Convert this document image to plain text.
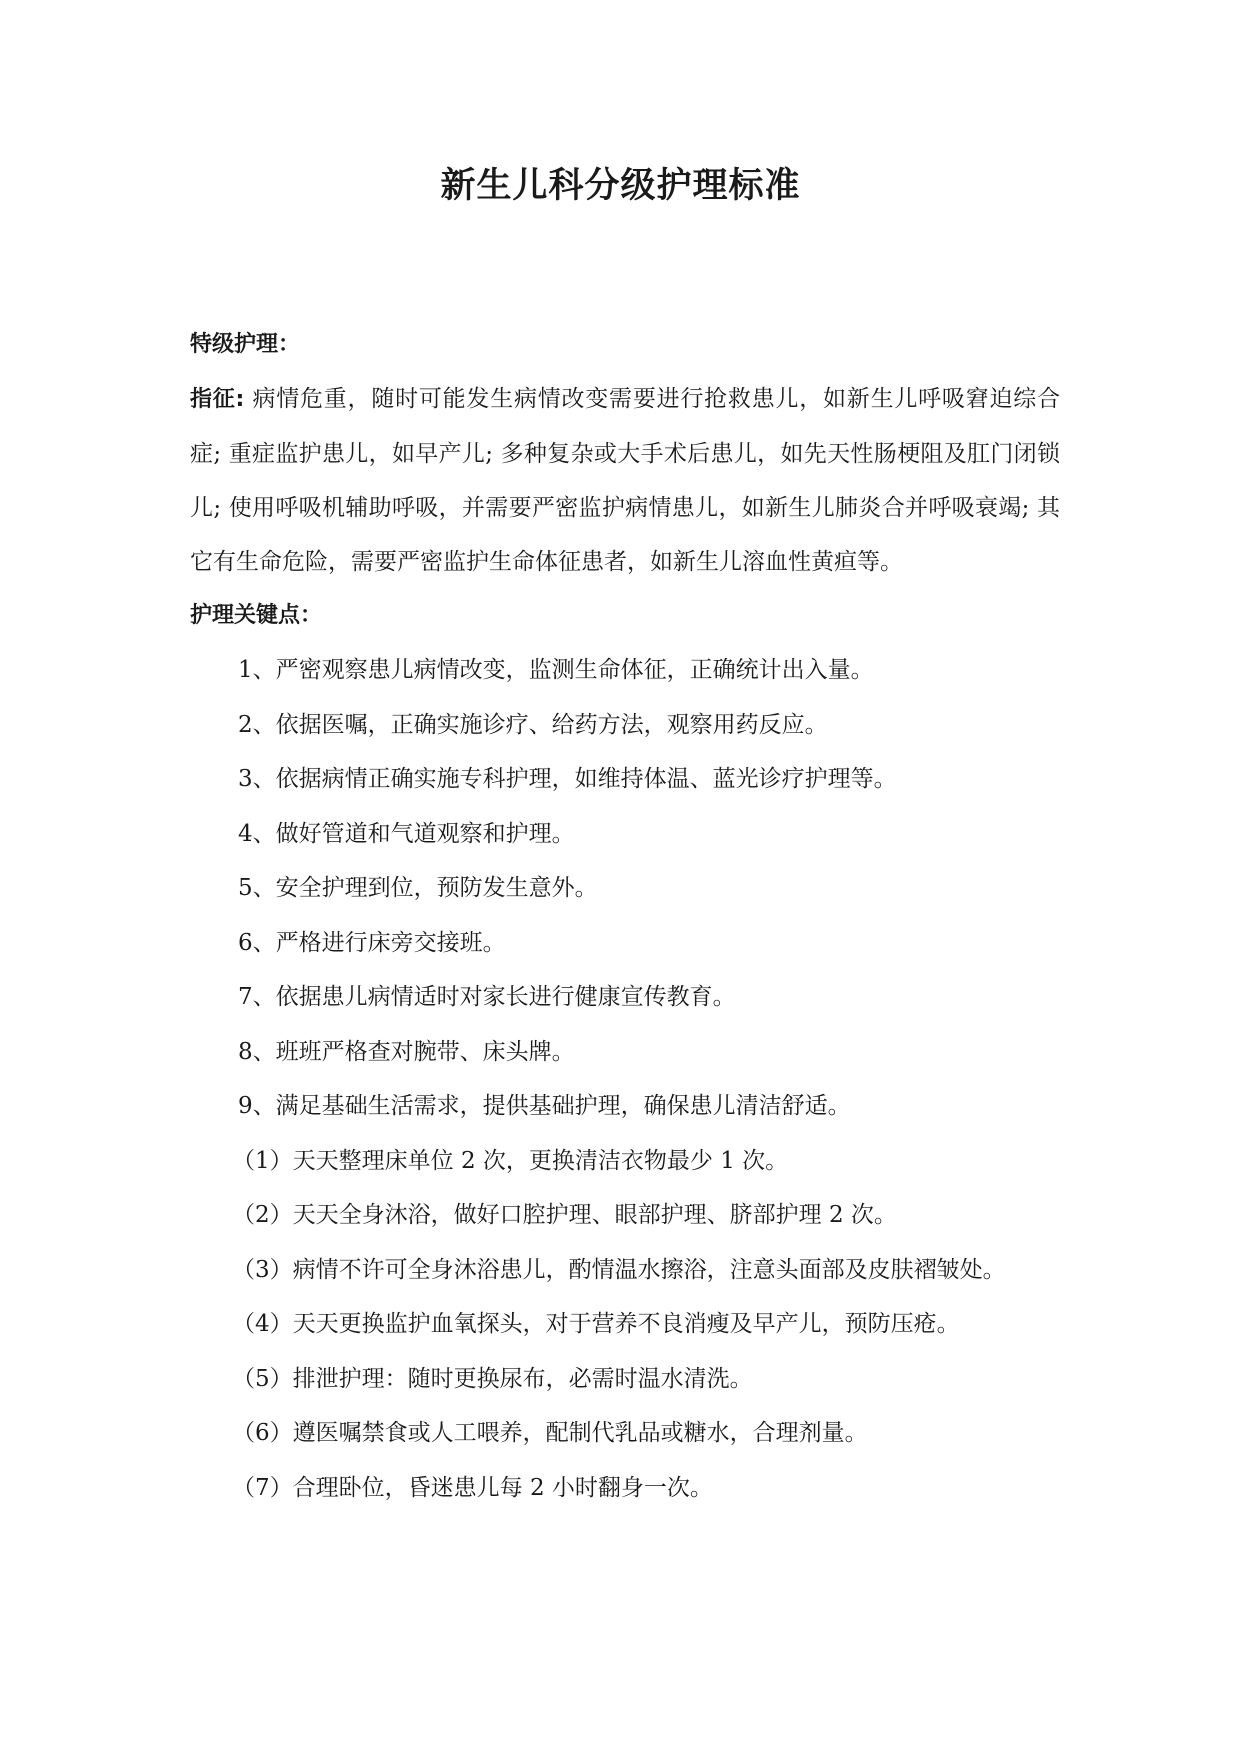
新生儿科分级护理标准

特级护理：

指征: 病情危重，随时可能发生病情改变需要进行抢救患儿，如新生儿呼吸窘迫综合症; 重症监护患儿，如早产儿; 多种复杂或大手术后患儿，如先天性肠梗阻及肛门闭锁儿; 使用呼吸机辅助呼吸，并需要严密监护病情患儿，如新生儿肺炎合并呼吸衰竭; 其它有生命危险，需要严密监护生命体征患者，如新生儿溶血性黄疸等。

护理关键点：

1、严密观察患儿病情改变，监测生命体征，正确统计出入量。
2、依据医嘱，正确实施诊疗、给药方法，观察用药反应。
3、依据病情正确实施专科护理，如维持体温、蓝光诊疗护理等。
4、做好管道和气道观察和护理。
5、安全护理到位，预防发生意外。
6、严格进行床旁交接班。
7、依据患儿病情适时对家长进行健康宣传教育。
8、班班严格查对腕带、床头牌。
9、满足基础生活需求，提供基础护理，确保患儿清洁舒适。
（1）天天整理床单位 2 次，更换清洁衣物最少 1 次。
（2）天天全身沐浴，做好口腔护理、眼部护理、脐部护理 2 次。
（3）病情不许可全身沐浴患儿，酌情温水擦浴，注意头面部及皮肤褶皱处。
（4）天天更换监护血氧探头，对于营养不良消瘦及早产儿，预防压疮。
（5）排泄护理：随时更换尿布，必需时温水清洗。
（6）遵医嘱禁食或人工喂养，配制代乳品或糖水，合理剂量。
（7）合理卧位，昏迷患儿每 2 小时翻身一次。
